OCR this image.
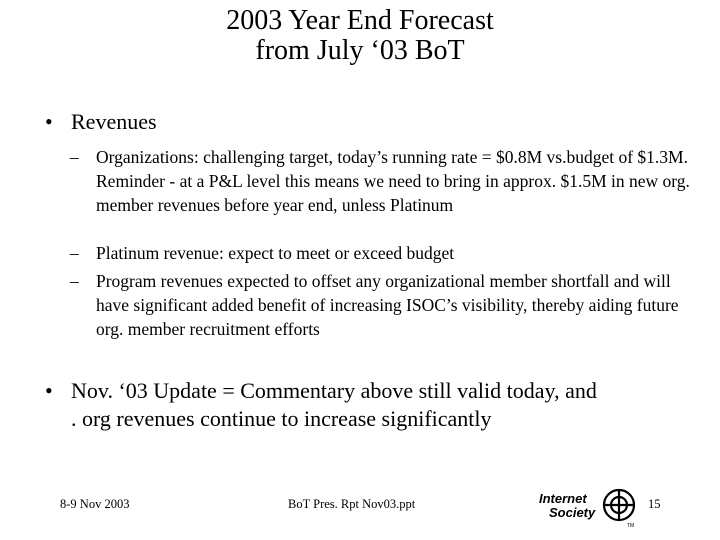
2003 Year End Forecast
from July ‘03 BoT
• Revenues
– Organizations: challenging target, today’s running rate = $0.8M vs.budget of $1.3M. Reminder - at a P&L level this means we need to bring in approx. $1.5M in new org. member revenues before year end, unless Platinum
– Platinum revenue: expect to meet or exceed budget
– Program revenues expected to offset any organizational member shortfall and will have significant added benefit of increasing ISOC’s visibility, thereby aiding future org. member recruitment efforts
• Nov. ‘03 Update = Commentary above still valid today, and
. org revenues continue to increase significantly
8-9 Nov 2003	BoT Pres. Rpt Nov03.ppt	15
Internet
Society
TM
